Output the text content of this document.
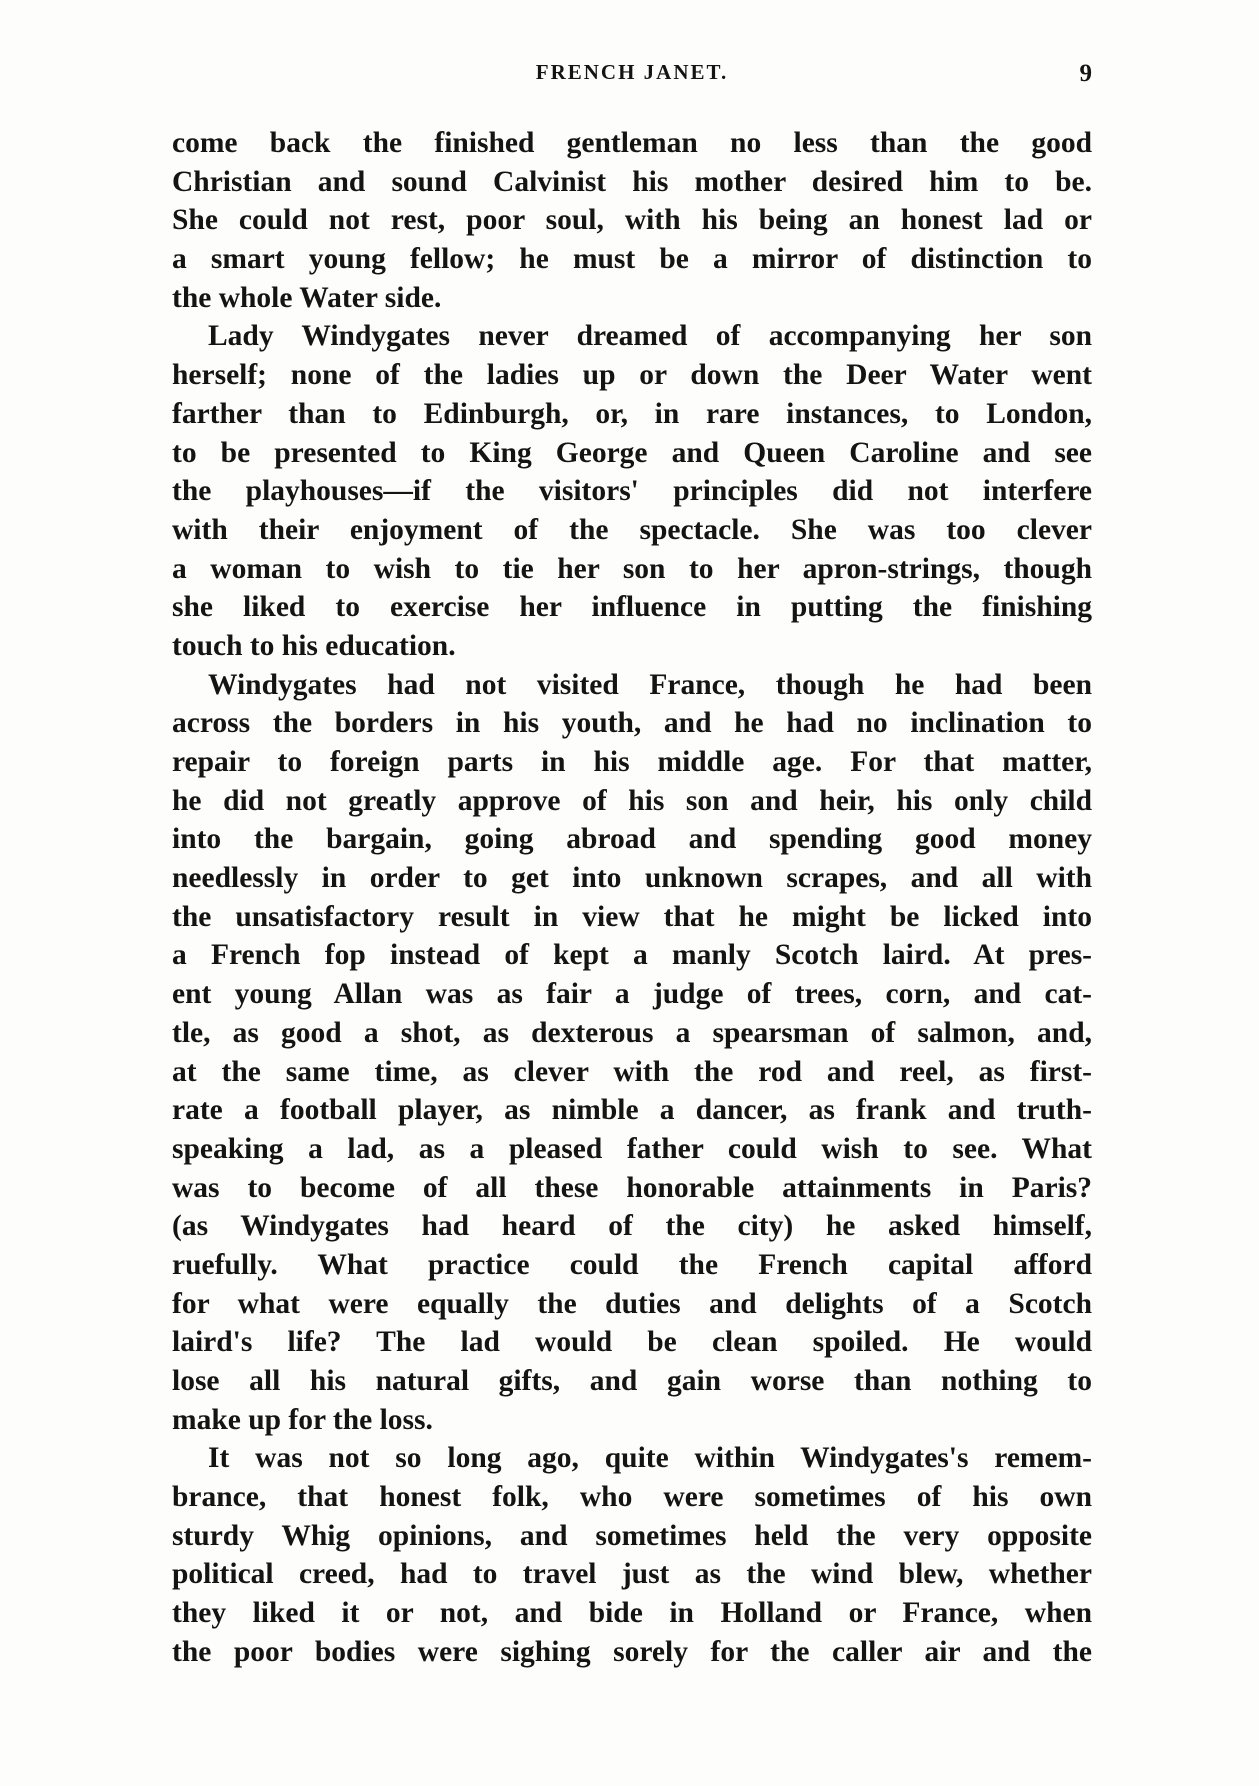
FRENCH JANET.	9
come back the finished gentleman no less than the good
Christian and sound Calvinist his mother desired him to be.
She could not rest, poor soul, with his being an honest lad or
a smart young fellow; he must be a mirror of distinction to
the whole Water side.
Lady Windygates never dreamed of accompanying her son
herself; none of the ladies up or down the Deer Water went
farther than to Edinburgh, or, in rare instances, to London,
to be presented to King George and Queen Caroline and see
the playhouses—if the visitors' principles did not interfere
with their enjoyment of the spectacle. She was too clever
a woman to wish to tie her son to her apron-strings, though
she liked to exercise her influence in putting the finishing
touch to his education.
Windygates had not visited France, though he had been
across the borders in his youth, and he had no inclination to
repair to foreign parts in his middle age. For that matter,
he did not greatly approve of his son and heir, his only child
into the bargain, going abroad and spending good money
needlessly in order to get into unknown scrapes, and all with
the unsatisfactory result in view that he might be licked into
a French fop instead of kept a manly Scotch laird. At pres-
ent young Allan was as fair a judge of trees, corn, and cat-
tle, as good a shot, as dexterous a spearsman of salmon, and,
at the same time, as clever with the rod and reel, as first-
rate a football player, as nimble a dancer, as frank and truth-
speaking a lad, as a pleased father could wish to see. What
was to become of all these honorable attainments in Paris?
(as Windygates had heard of the city) he asked himself,
ruefully. What practice could the French capital afford
for what were equally the duties and delights of a Scotch
laird's life? The lad would be clean spoiled. He would
lose all his natural gifts, and gain worse than nothing to
make up for the loss.
It was not so long ago, quite within Windygates's remem-
brance, that honest folk, who were sometimes of his own
sturdy Whig opinions, and sometimes held the very opposite
political creed, had to travel just as the wind blew, whether
they liked it or not, and bide in Holland or France, when
the poor bodies were sighing sorely for the caller air and the
